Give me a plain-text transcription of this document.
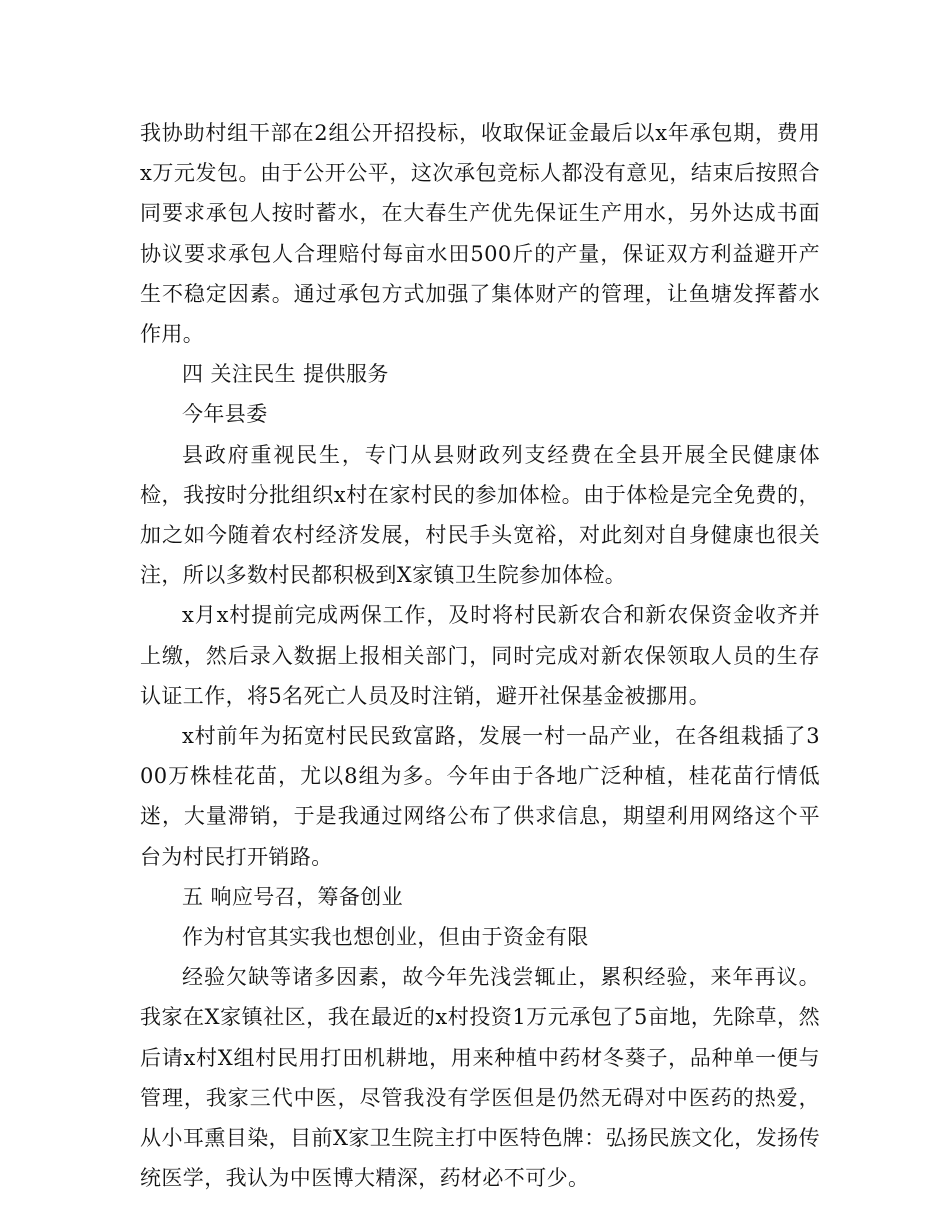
我协助村组干部在2组公开招投标，收取保证金最后以x年承包期，费用x万元发包。由于公开公平，这次承包竞标人都没有意见，结束后按照合同要求承包人按时蓄水，在大春生产优先保证生产用水，另外达成书面协议要求承包人合理赔付每亩水田500斤的产量，保证双方利益避开产生不稳定因素。通过承包方式加强了集体财产的管理，让鱼塘发挥蓄水作用。

四 关注民生 提供服务

今年县委

县政府重视民生，专门从县财政列支经费在全县开展全民健康体检，我按时分批组织x村在家村民的参加体检。由于体检是完全免费的，加之如今随着农村经济发展，村民手头宽裕，对此刻对自身健康也很关注，所以多数村民都积极到X家镇卫生院参加体检。

x月x村提前完成两保工作，及时将村民新农合和新农保资金收齐并上缴，然后录入数据上报相关部门，同时完成对新农保领取人员的生存认证工作，将5名死亡人员及时注销，避开社保基金被挪用。

x村前年为拓宽村民民致富路，发展一村一品产业，在各组栽插了300万株桂花苗，尤以8组为多。今年由于各地广泛种植，桂花苗行情低迷，大量滞销，于是我通过网络公布了供求信息，期望利用网络这个平台为村民打开销路。

五 响应号召，筹备创业

作为村官其实我也想创业，但由于资金有限

经验欠缺等诸多因素，故今年先浅尝辄止，累积经验，来年再议。我家在X家镇社区，我在最近的x村投资1万元承包了5亩地，先除草，然后请x村X组村民用打田机耕地，用来种植中药材冬葵子，品种单一便与管理，我家三代中医，尽管我没有学医但是仍然无碍对中医药的热爱，从小耳熏目染，目前X家卫生院主打中医特色牌：弘扬民族文化，发扬传统医学，我认为中医博大精深，药材必不可少。
